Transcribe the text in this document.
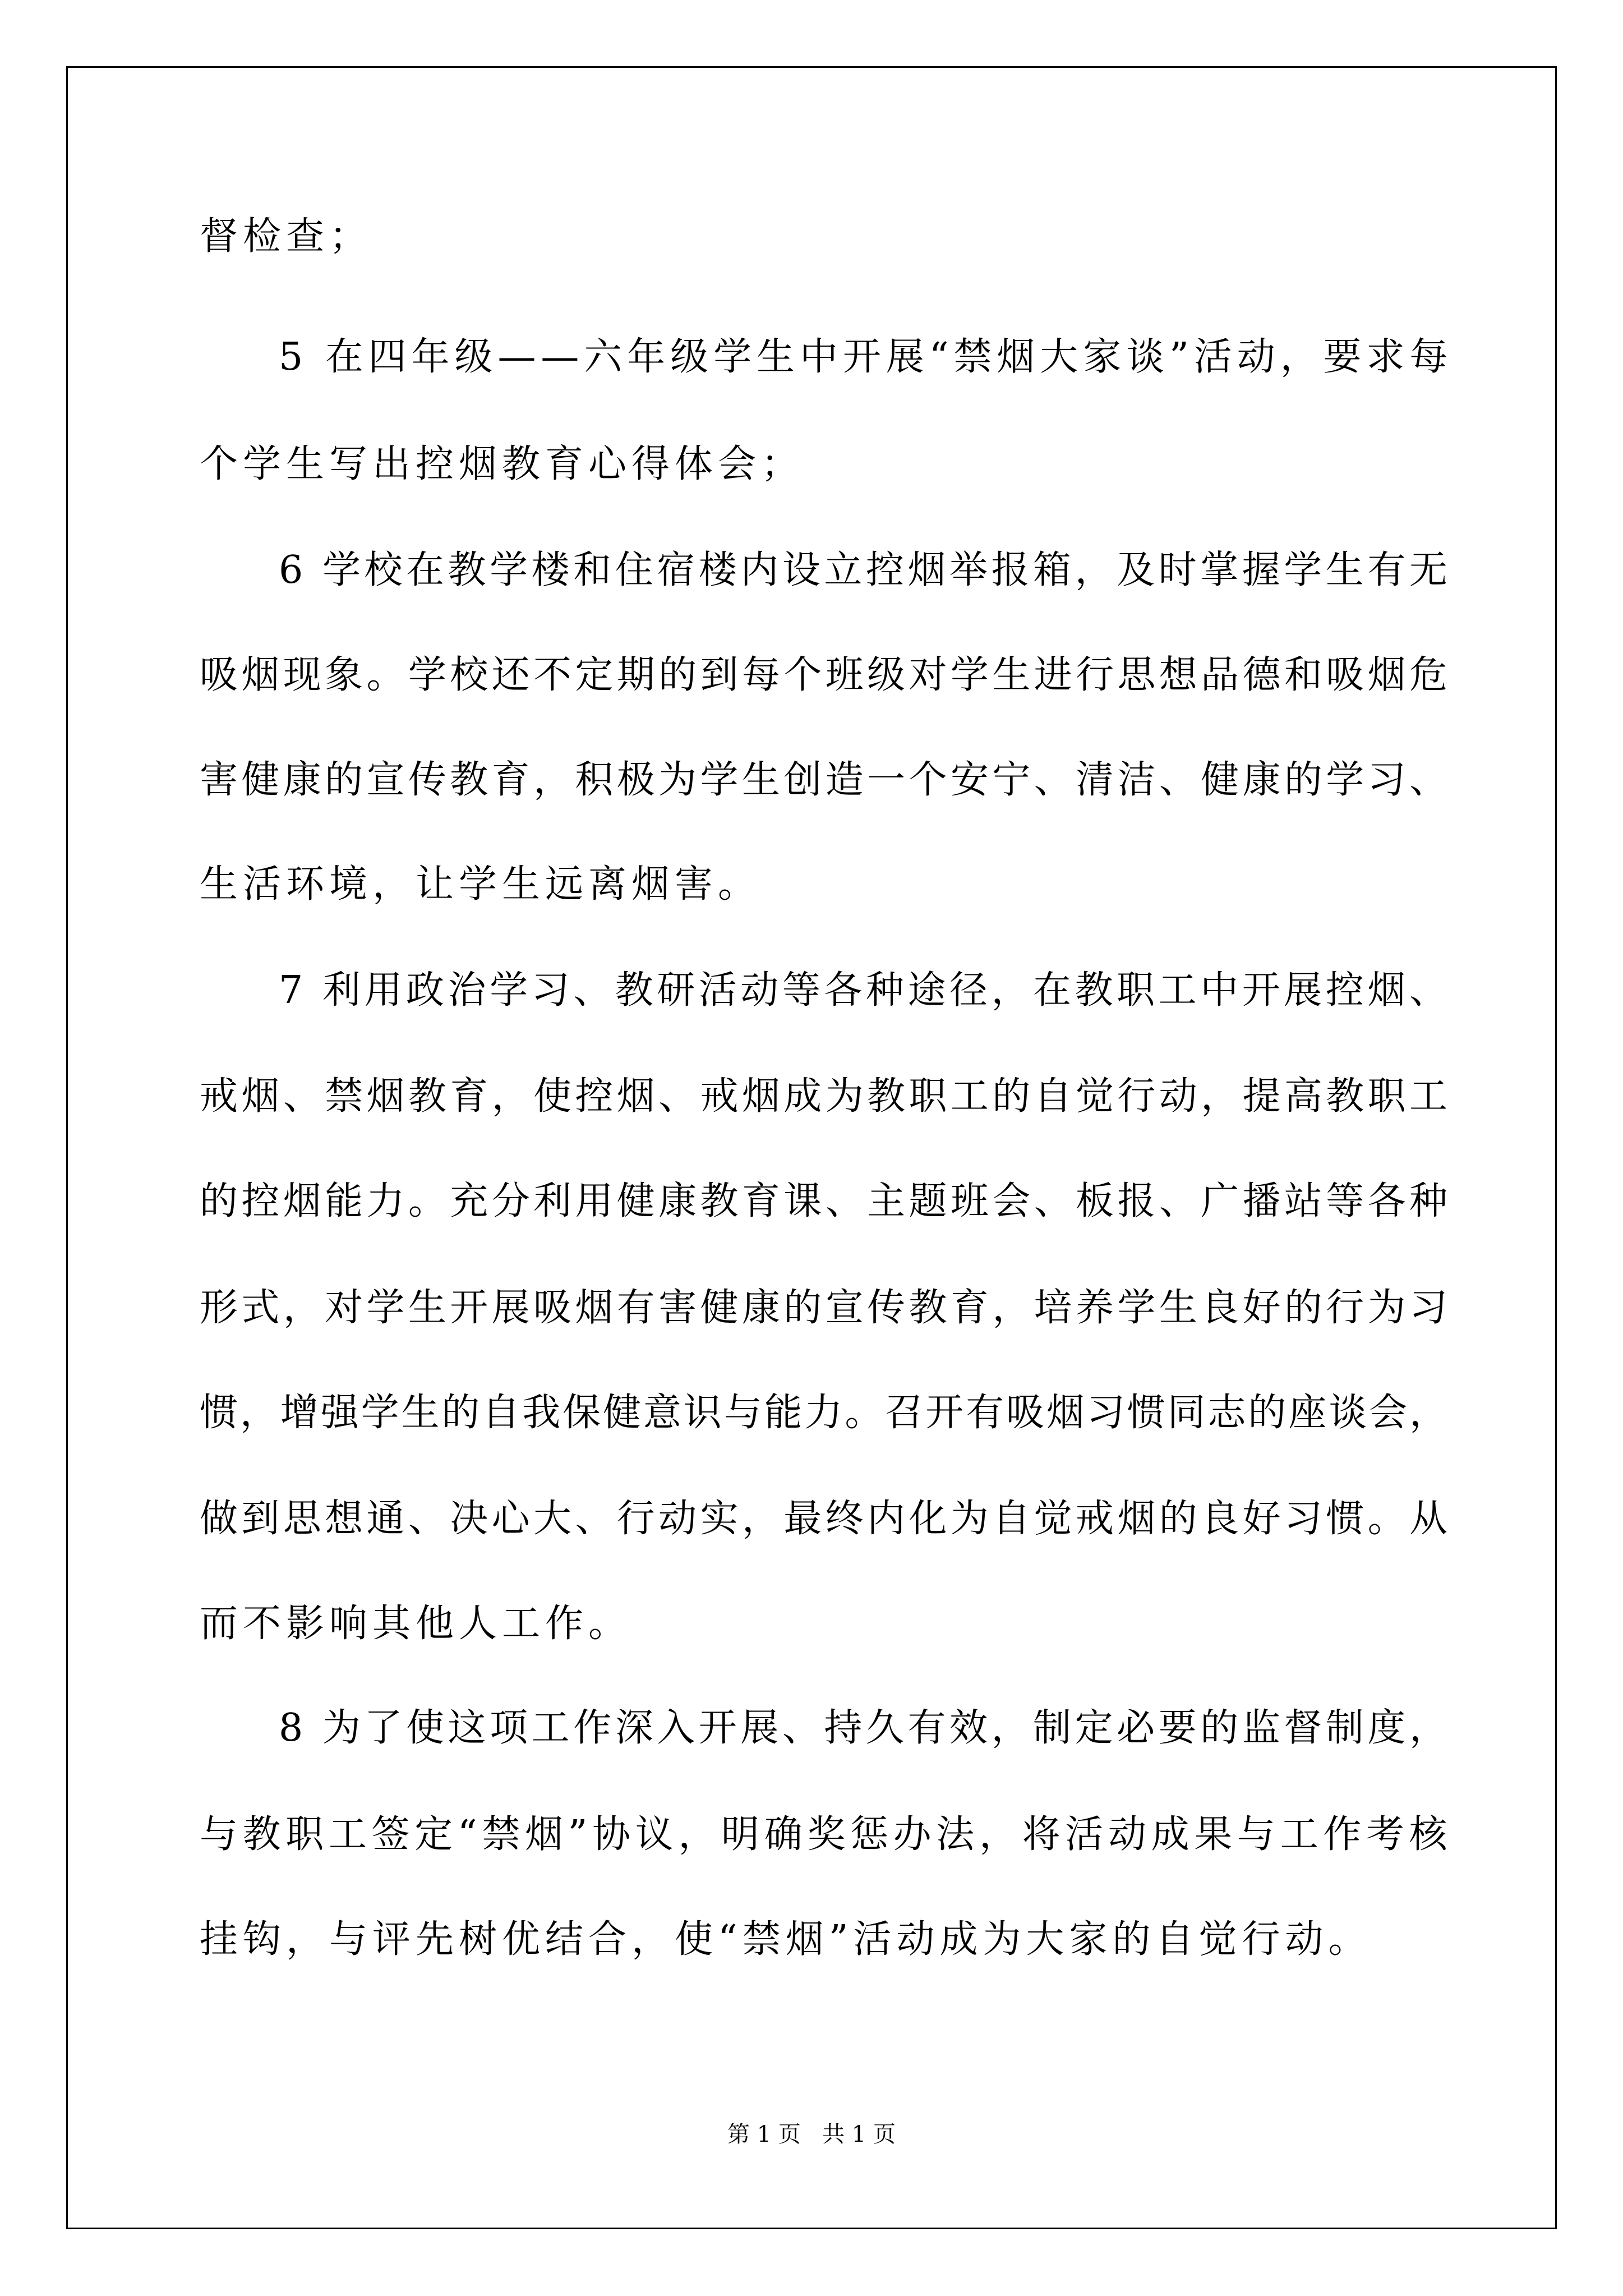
督检查；
5 在四年级——六年级学生中开展“禁烟大家谈”活动，要求每
个学生写出控烟教育心得体会；
6 学校在教学楼和住宿楼内设立控烟举报箱，及时掌握学生有无
吸烟现象。学校还不定期的到每个班级对学生进行思想品德和吸烟危
害健康的宣传教育，积极为学生创造一个安宁、清洁、健康的学习、
生活环境，让学生远离烟害。
7 利用政治学习、教研活动等各种途径，在教职工中开展控烟、
戒烟、禁烟教育，使控烟、戒烟成为教职工的自觉行动，提高教职工
的控烟能力。充分利用健康教育课、主题班会、板报、广播站等各种
形式，对学生开展吸烟有害健康的宣传教育，培养学生良好的行为习
惯，增强学生的自我保健意识与能力。召开有吸烟习惯同志的座谈会，
做到思想通、决心大、行动实，最终内化为自觉戒烟的良好习惯。从
而不影响其他人工作。
8 为了使这项工作深入开展、持久有效，制定必要的监督制度，
与教职工签定“禁烟”协议，明确奖惩办法，将活动成果与工作考核
挂钩，与评先树优结合，使“禁烟”活动成为大家的自觉行动。
第 1 页   共 1 页
